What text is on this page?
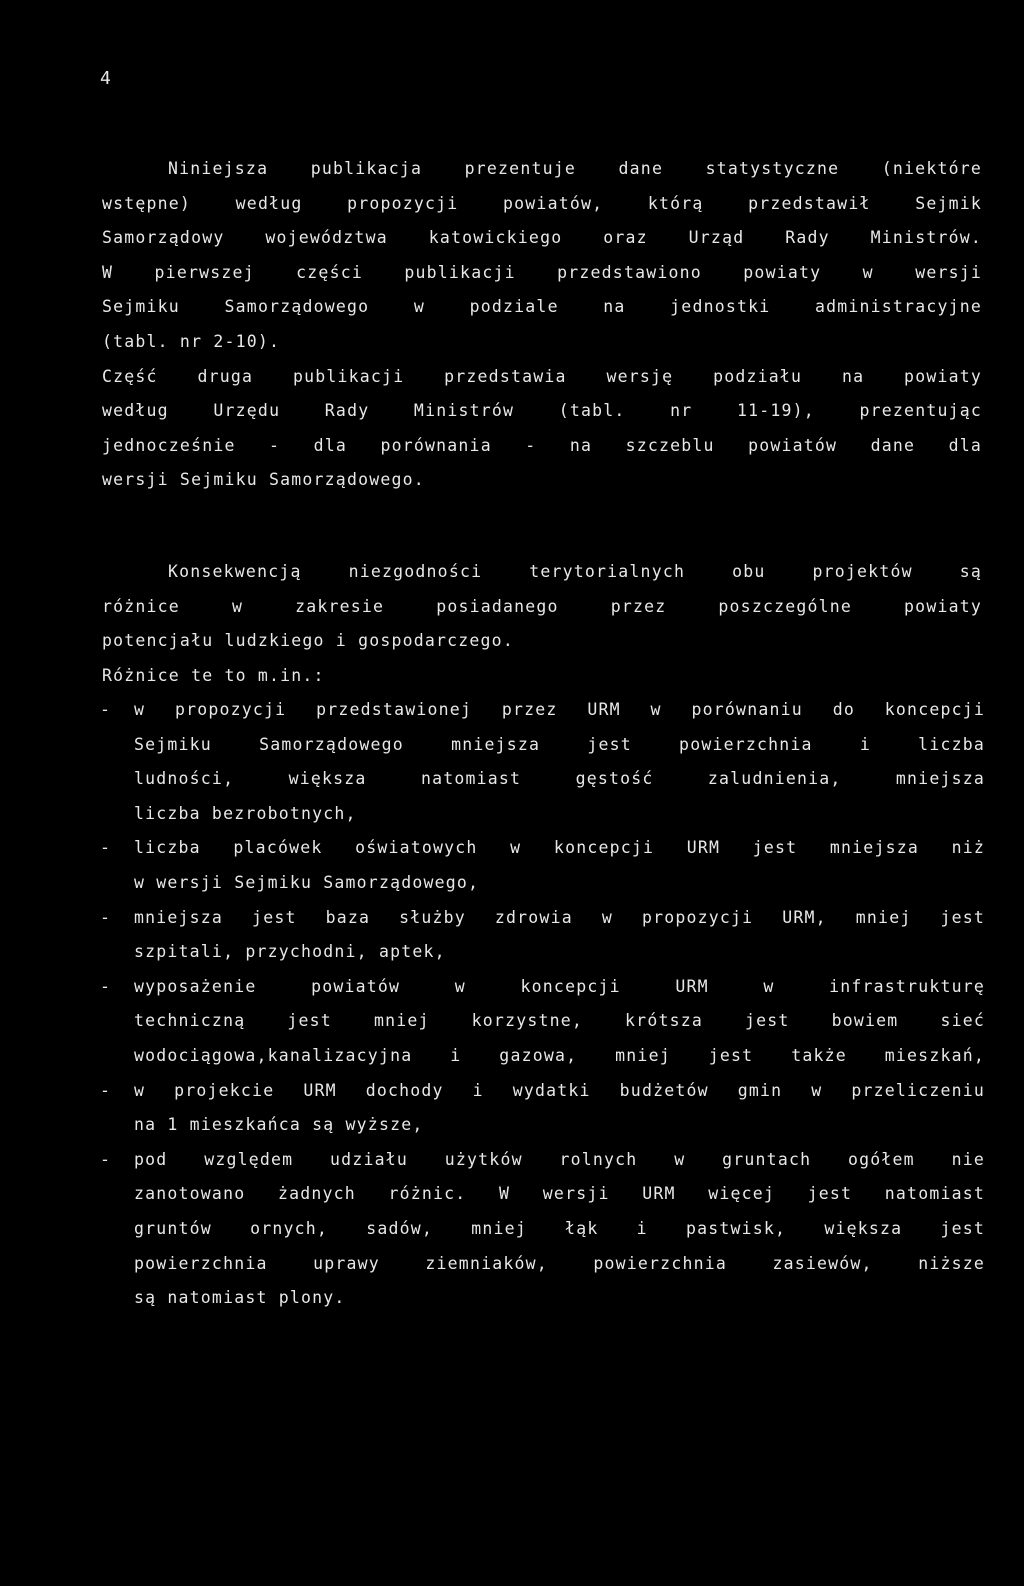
4
Niniejsza publikacja prezentuje dane statystyczne (niektóre
wstępne) według propozycji powiatów, którą przedstawił Sejmik
Samorządowy województwa katowickiego oraz Urząd Rady Ministrów.
W pierwszej części publikacji przedstawiono powiaty w wersji
Sejmiku Samorządowego w podziale na jednostki administracyjne
(tabl. nr 2-10).
Część druga publikacji przedstawia wersję podziału na powiaty
według Urzędu Rady Ministrów (tabl. nr 11-19), prezentując
jednocześnie - dla porównania - na szczeblu powiatów dane dla
wersji Sejmiku Samorządowego.
Konsekwencją niezgodności terytorialnych obu projektów są
różnice w zakresie posiadanego przez poszczególne powiaty
potencjału ludzkiego i gospodarczego.
Różnice te to m.in.:
- w propozycji przedstawionej przez URM w porównaniu do koncepcji
Sejmiku Samorządowego mniejsza jest powierzchnia i liczba
ludności, większa natomiast gęstość zaludnienia, mniejsza
liczba bezrobotnych,
- liczba placówek oświatowych w koncepcji URM jest mniejsza niż
w wersji Sejmiku Samorządowego,
- mniejsza jest baza służby zdrowia w propozycji URM, mniej jest
szpitali, przychodni, aptek,
- wyposażenie powiatów w koncepcji URM w infrastrukturę
techniczną jest mniej korzystne, krótsza jest bowiem sieć
wodociągowa,kanalizacyjna i gazowa, mniej jest także mieszkań,
- w projekcie URM dochody i wydatki budżetów gmin w przeliczeniu
na 1 mieszkańca są wyższe,
- pod względem udziału użytków rolnych w gruntach ogółem nie
zanotowano żadnych różnic. W wersji URM więcej jest natomiast
gruntów ornych, sadów, mniej łąk i pastwisk, większa jest
powierzchnia uprawy ziemniaków, powierzchnia zasiewów, niższe
są natomiast plony.
